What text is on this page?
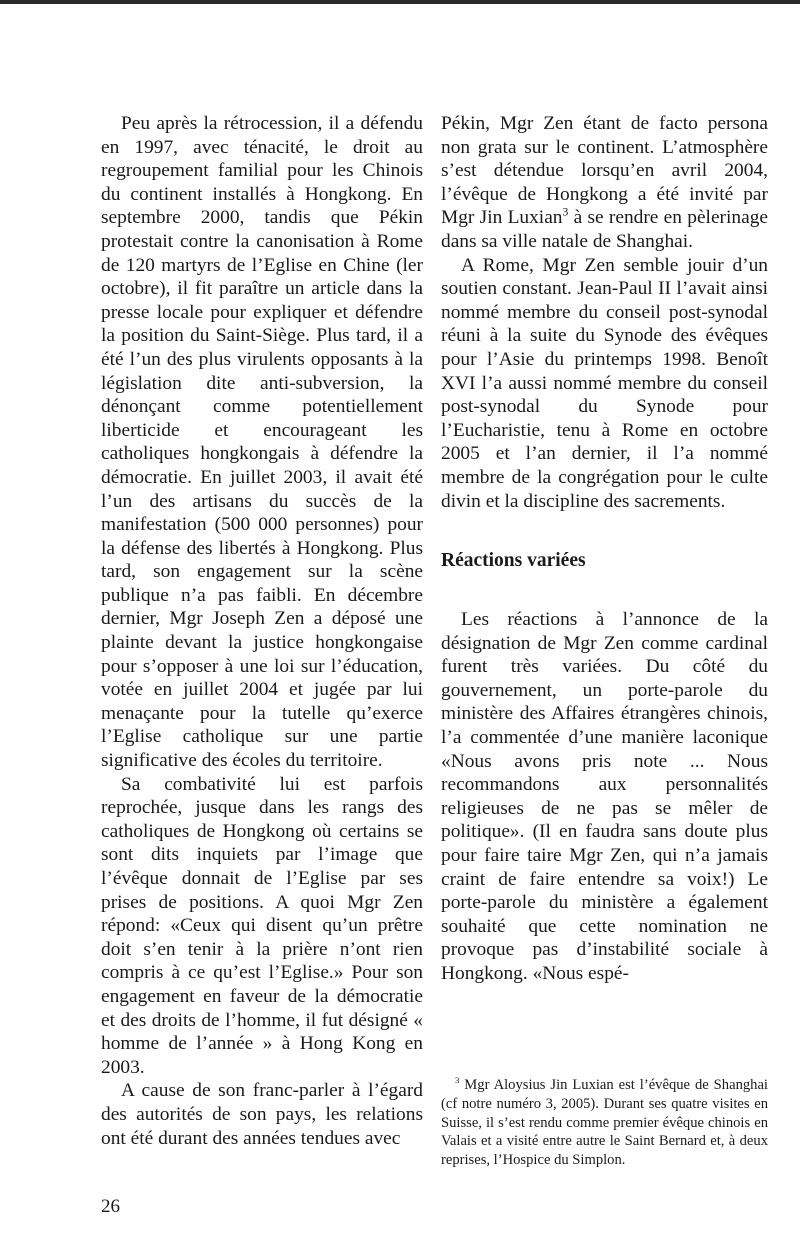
Peu après la rétrocession, il a défendu en 1997, avec ténacité, le droit au regroupement familial pour les Chinois du continent installés à Hongkong. En septembre 2000, tandis que Pékin protestait contre la canonisation à Rome de 120 martyrs de l’Eglise en Chine (ler octobre), il fit paraître un article dans la presse locale pour expliquer et défendre la position du Saint-Siège. Plus tard, il a été l’un des plus virulents opposants à la législation dite anti-subversion, la dénonçant comme potentiellement liberticide et encourageant les catholiques hongkongais à défendre la démocratie. En juillet 2003, il avait été l’un des artisans du succès de la manifestation (500 000 personnes) pour la défense des libertés à Hongkong. Plus tard, son engagement sur la scène publique n’a pas faibli. En décembre dernier, Mgr Joseph Zen a déposé une plainte devant la justice hongkongaise pour s’opposer à une loi sur l’éducation, votée en juillet 2004 et jugée par lui menaçante pour la tutelle qu’exerce l’Eglise catholique sur une partie significative des écoles du territoire.

Sa combativité lui est parfois reprochée, jusque dans les rangs des catholiques de Hongkong où certains se sont dits inquiets par l’image que l’évêque donnait de l’Eglise par ses prises de positions. A quoi Mgr Zen répond: «Ceux qui disent qu’un prêtre doit s’en tenir à la prière n’ont rien compris à ce qu’est l’Eglise.» Pour son engagement en faveur de la démocratie et des droits de l’homme, il fut désigné « homme de l’année » à Hong Kong en 2003.

A cause de son franc-parler à l’égard des autorités de son pays, les relations ont été durant des années tendues avec

Pékin, Mgr Zen étant de facto persona non grata sur le continent. L’atmosphère s’est détendue lorsqu’en avril 2004, l’évêque de Hongkong a été invité par Mgr Jin Luxian$^3$ à se rendre en pèlerinage dans sa ville natale de Shanghai.

A Rome, Mgr Zen semble jouir d’un soutien constant. Jean-Paul II l’avait ainsi nommé membre du conseil post-synodal réuni à la suite du Synode des évêques pour l’Asie du printemps 1998. Benoît XVI l’a aussi nommé membre du conseil post-synodal du Synode pour l’Eucharistie, tenu à Rome en octobre 2005 et l’an dernier, il l’a nommé membre de la congrégation pour le culte divin et la discipline des sacrements.

Réactions variées

Les réactions à l’annonce de la désignation de Mgr Zen comme cardinal furent très variées. Du côté du gouvernement, un porte-parole du ministère des Affaires étrangères chinois, l’a commentée d’une manière laconique «Nous avons pris note ... Nous recommandons aux personnalités religieuses de ne pas se mêler de politique». (Il en faudra sans doute plus pour faire taire Mgr Zen, qui n’a jamais craint de faire entendre sa voix!) Le porte-parole du ministère a également souhaité que cette nomination ne provoque pas d’instabilité sociale à Hongkong. «Nous espé-

$^3$ Mgr Aloysius Jin Luxian est l’évêque de Shanghai (cf notre numéro 3, 2005). Durant ses quatre visites en Suisse, il s’est rendu comme premier évêque chinois en Valais et a visité entre autre le Saint Bernard et, à deux reprises, l’Hospice du Simplon.

26
